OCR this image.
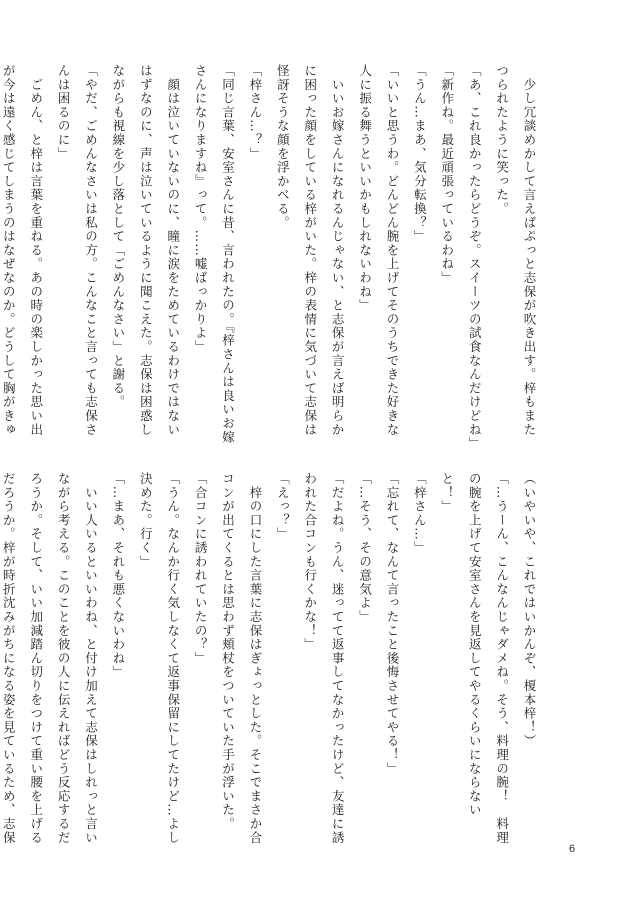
　少し冗談めかして言えばぷっと志保が吹き出す。梓もまた
つられたように笑った。
「あ、これ良かったらどうぞ。スイーツの試食なんだけどね」
「新作ね。最近頑張っているわね」
「うん…まあ、気分転換？」
「いいと思うわ。どんどん腕を上げてそのうちできた好きな
人に振る舞うといいかもしれないわね」
　いいお嫁さんになれるんじゃない、と志保が言えば明らか
に困った顔をしている梓がいた。梓の表情に気づいて志保は
怪訝そうな顔を浮かべる。
「梓さん…？」
「同じ言葉、安室さんに昔、言われたの。『梓さんは良いお嫁
さんになりますね』って。……嘘ばっかりよ」
　顔は泣いていないのに、瞳に涙をためているわけではない
はずなのに、声は泣いているように聞こえた。志保は困惑し
ながらも視線を少し落として「ごめんなさい」と謝る。
「やだ、ごめんなさいは私の方。こんなこと言っても志保さ
んは困るのに」
　ごめん、と梓は言葉を重ねる。あの時の楽しかった思い出
が今は遠く感じてしまうのはなぜなのか。どうして胸がきゅ
（いやいや、これではいかんぞ、榎本梓！）
「…うーん、こんなんじゃダメね。そう、料理の腕！　料理
の腕を上げて安室さんを見返してやるくらいにならない
と！」
「梓さん…」
「忘れて、なんて言ったこと後悔させてやる！」
「…そう、その意気よ」
「だよね。うん、迷ってて返事してなかったけど、友達に誘
われた合コンも行くかな！」
「えっ？」
　梓の口にした言葉に志保はぎょっとした。そこでまさか合
コンが出てくるとは思わず頬杖をついていた手が浮いた。
「合コンに誘われていたの？」
「うん。なんか行く気しなくて返事保留にしてたけど…よし
決めた。行く」
「…まあ、それも悪くないわね」
　いい人いるといいわね、と付け加えて志保はしれっと言い
ながら考える。このことを彼の人に伝えればどう反応するだ
ろうか。そして、いい加減踏ん切りをつけて重い腰を上げる
だろうか。梓が時折沈みがちになる姿を見ているため、志保
6
